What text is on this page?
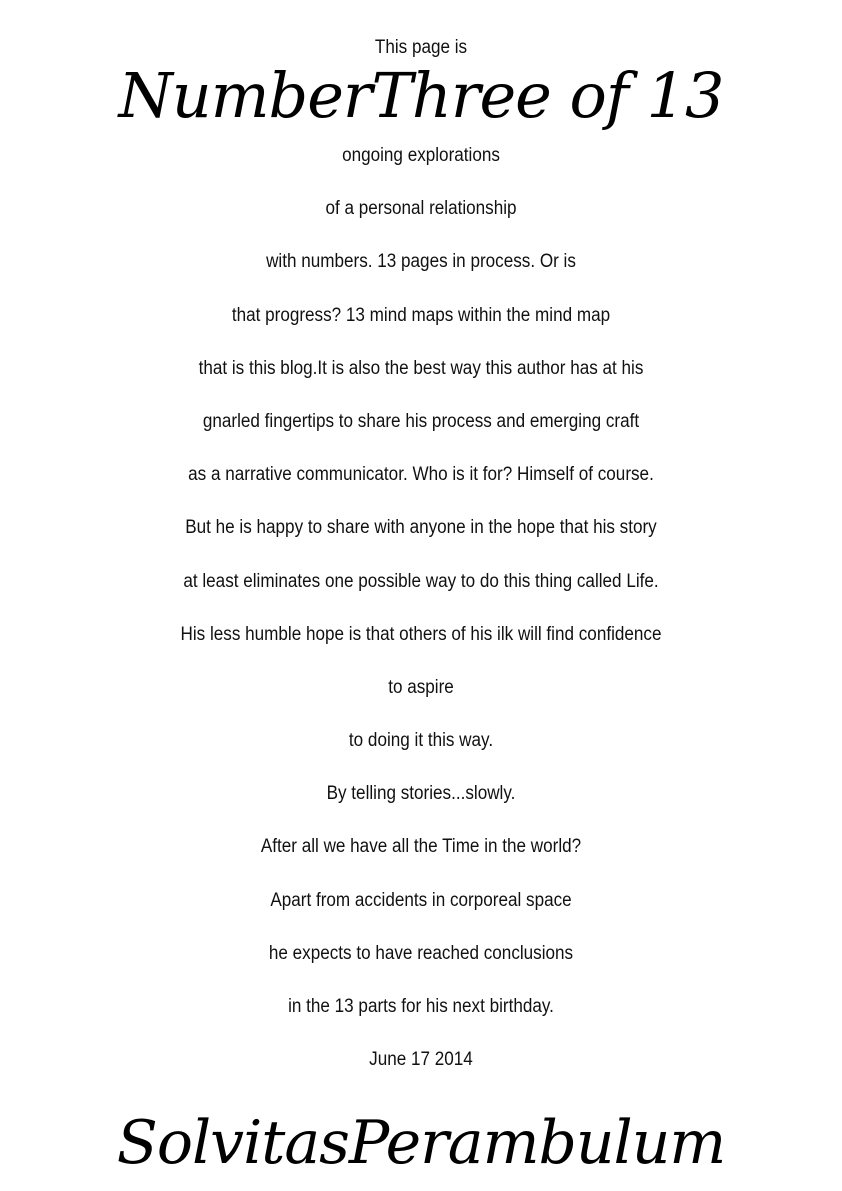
This page is
NumberThree of 13
ongoing explorations
of a personal relationship
with numbers. 13 pages in process. Or is
that progress? 13 mind maps within the mind map
that is this blog.It is also the best way this author has at his
gnarled fingertips to share his process and emerging craft
as a narrative communicator. Who is it for? Himself of course.
But he is happy to share with anyone in the hope that his story
at least eliminates one possible way to do this thing called Life.
His less humble hope is that others of his ilk will find confidence
to aspire
to doing it this way.
By telling stories...slowly.
After all we have all the Time in the world?
Apart from accidents in corporeal space
he expects to have reached conclusions
in the 13 parts for his next birthday.
June 17 2014
SolvitasPerambulum
